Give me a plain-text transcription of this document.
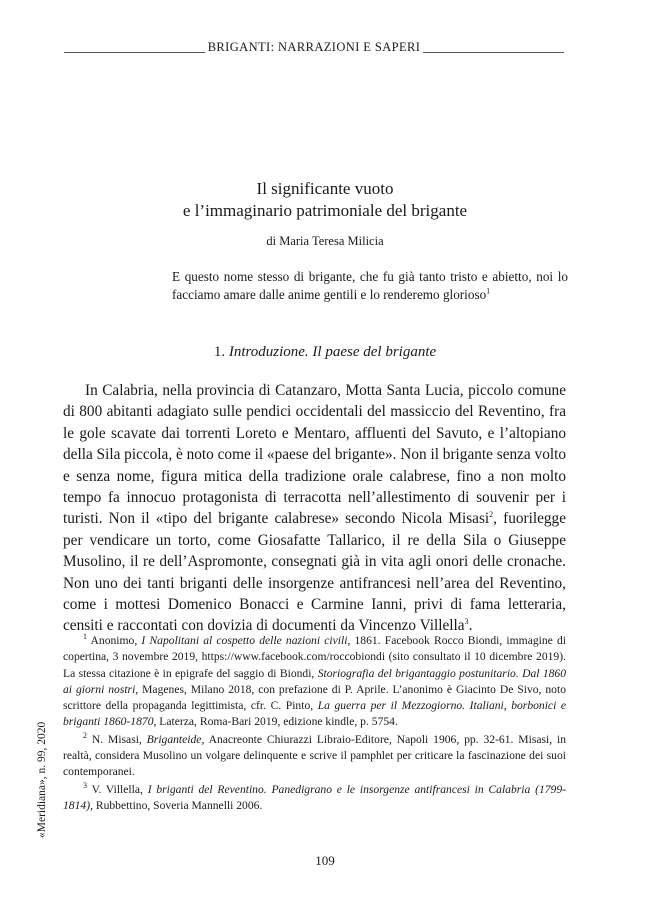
BRIGANTI: NARRAZIONI E SAPERI
Il significante vuoto
e l’immaginario patrimoniale del brigante
di Maria Teresa Milicia
E questo nome stesso di brigante, che fu già tanto tristo e abietto, noi lo facciamo amare dalle anime gentili e lo renderemo glorioso$^1$
1. Introduzione. Il paese del brigante

In Calabria, nella provincia di Catanzaro, Motta Santa Lucia, piccolo comune di 800 abitanti adagiato sulle pendici occidentali del massiccio del Reventino, fra le gole scavate dai torrenti Loreto e Mentaro, affluenti del Savuto, e l’altopiano della Sila piccola, è noto come il «paese del brigante». Non il brigante senza volto e senza nome, figura mitica della tradizione orale calabrese, fino a non molto tempo fa innocuo protagonista di terracotta nell’allestimento di souvenir per i turisti. Non il «tipo del brigante calabrese» secondo Nicola Misasi$^2$, fuorilegge per vendicare un torto, come Giosafatte Tallarico, il re della Sila o Giuseppe Musolino, il re dell’Aspromonte, consegnati già in vita agli onori delle cronache. Non uno dei tanti briganti delle insorgenze antifrancesi nell’area del Reventino, come i mottesi Domenico Bonacci e Carmine Ianni, privi di fama letteraria, censiti e raccontati con dovizia di documenti da Vincenzo Villella$^3$.

$^1$ Anonimo, I Napolitani al cospetto delle nazioni civili, 1861. Facebook Rocco Biondi, immagine di copertina, 3 novembre 2019, https://www.facebook.com/roccobiondi (sito consultato il 10 dicembre 2019). La stessa citazione è in epigrafe del saggio di Biondi, Storiografia del brigantaggio postunitario. Dal 1860 ai giorni nostri, Magenes, Milano 2018, con prefazione di P. Aprile. L’anonimo è Giacinto De Sivo, noto scrittore della propaganda legittimista, cfr. C. Pinto, La guerra per il Mezzogiorno. Italiani, borbonici e briganti 1860-1870, Laterza, Roma-Bari 2019, edizione kindle, p. 5754.

$^2$ N. Misasi, Briganteide, Anacreonte Chiurazzi Libraio-Editore, Napoli 1906, pp. 32-61. Misasi, in realtà, considera Musolino un volgare delinquente e scrive il pamphlet per criticare la fascinazione dei suoi contemporanei.

$^3$ V. Villella, I briganti del Reventino. Panedigrano e le insorgenze antifrancesi in Calabria (1799-1814), Rubbettino, Soveria Mannelli 2006.

«Meridiana», n. 99, 2020
109
